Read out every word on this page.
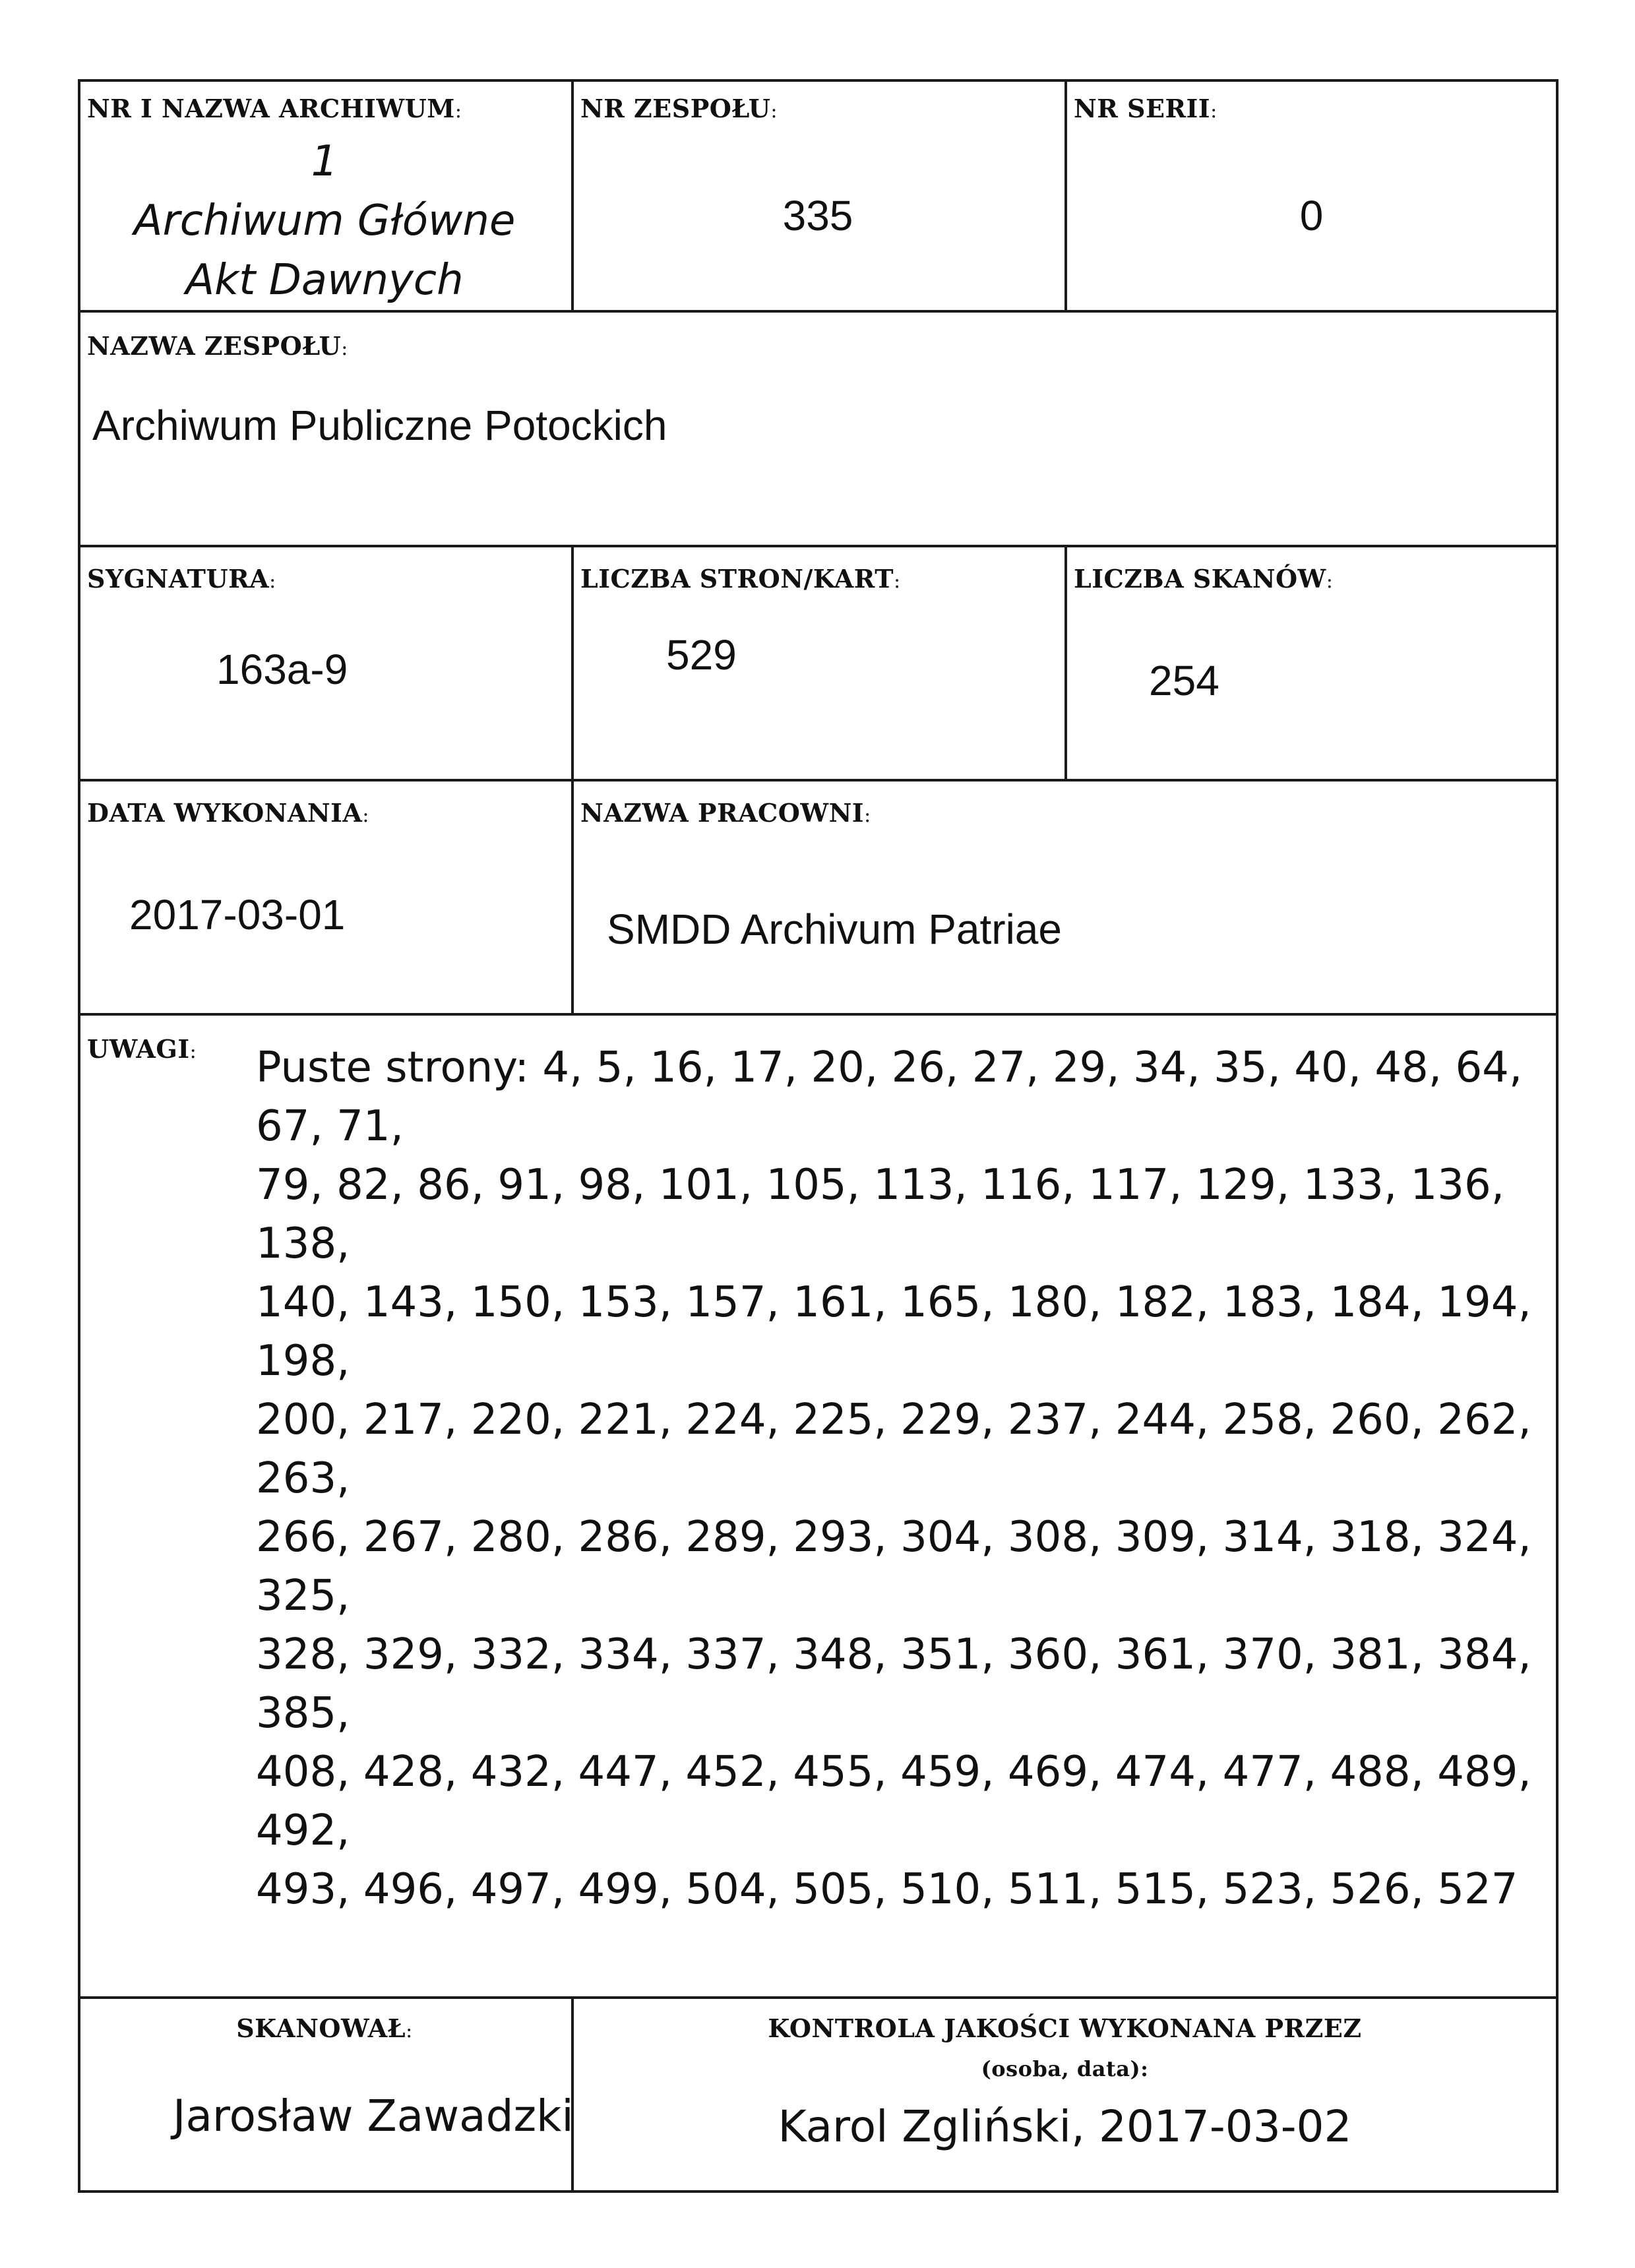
NR I NAZWA ARCHIWUM:
1
Archiwum Główne
Akt Dawnych
NR ZESPOŁU:
335
NR SERII:
0
NAZWA ZESPOŁU:
Archiwum Publiczne Potockich
SYGNATURA:
163a-9
LICZBA STRON/KART:
529
LICZBA SKANÓW:
254
DATA WYKONANIA:
2017-03-01
NAZWA PRACOWNI:
SMDD Archivum Patriae
UWAGI: Puste strony: 4, 5, 16, 17, 20, 26, 27, 29, 34, 35, 40, 48, 64, 67, 71,
79, 82, 86, 91, 98, 101, 105, 113, 116, 117, 129, 133, 136, 138,
140, 143, 150, 153, 157, 161, 165, 180, 182, 183, 184, 194, 198,
200, 217, 220, 221, 224, 225, 229, 237, 244, 258, 260, 262, 263,
266, 267, 280, 286, 289, 293, 304, 308, 309, 314, 318, 324, 325,
328, 329, 332, 334, 337, 348, 351, 360, 361, 370, 381, 384, 385,
408, 428, 432, 447, 452, 455, 459, 469, 474, 477, 488, 489, 492,
493, 496, 497, 499, 504, 505, 510, 511, 515, 523, 526, 527
SKANOWAŁ:
Jarosław Zawadzki
KONTROLA JAKOŚCI WYKONANA PRZEZ
(osoba, data):
Karol Zgliński, 2017-03-02
